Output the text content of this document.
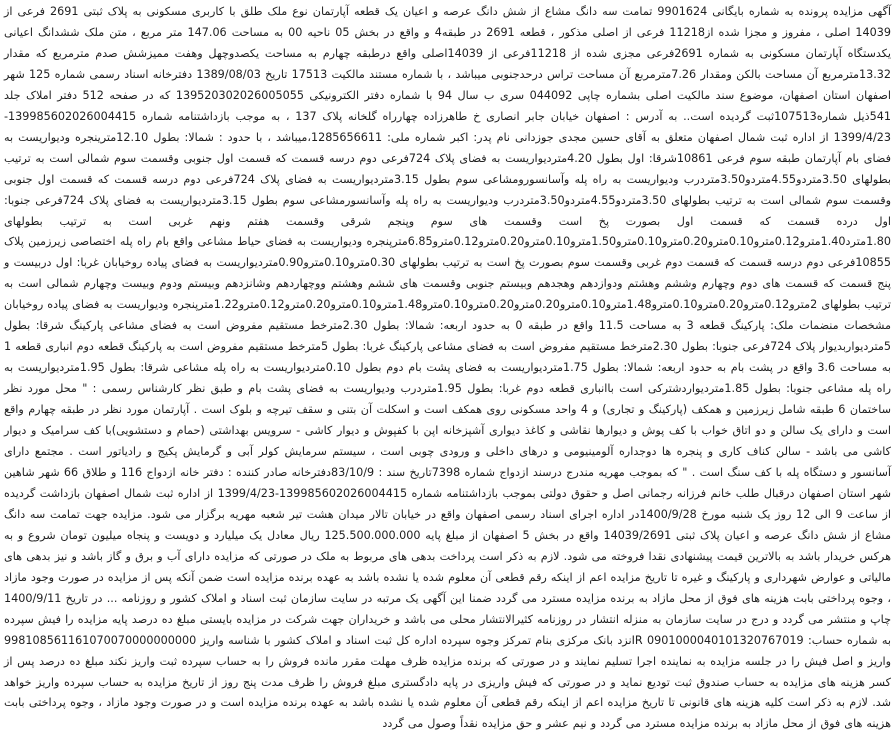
آگهی مزایده پرونده به شماره بایگانی 9901624 تمامت سه دانگ مشاع از شش دانگ عرصه و اعیان یک قطعه آپارتمان نوع ملک طلق با کاربری مسکونی به پلاک ثبتی 2691 فرعی از 14039 اصلی ، مفروز و مجزا شده از11218 فرعی از اصلی مذکور ، قطعه 2691 در طبقه4 و واقع در بخش 05 ناحیه 00 به مساحت 147.06 متر مربع ، متن ملک ششدانگ اعیانی یکدستگاه آپارتمان مسکونی به شماره 2691فرعی مجزی شده از 11218فرعی از 14039اصلی واقع درطبقه چهارم به مساحت یکصدوچهل وهفت ممیزشش صدم مترمربع که مقدار 13.32مترمربع آن مساحت بالکن ومقدار 7.26مترمربع آن مساحت تراس درحدجنوبی میباشد ، با شماره مستند مالکیت 17513 تاریخ 1389/08/03 دفترخانه اسناد رسمی شماره 125 شهر اصفهان استان اصفهان، موضوع سند مالکیت اصلی بشماره چاپی 044092 سری ب سال 94 با شماره دفتر الکترونیکی 139520302026005055 که در صفحه 512 دفتر املاک جلد 541ذیل شماره107513ثبت گردیده است.. به آدرس : اصفهان خیابان جابر انصاری خ طاهرزاده چهارراه گلخانه پلاک 137 ، به موجب بازداشتنامه شماره 139985602026004415-1399/4/23 از اداره ثبت شمال اصفهان متعلق به آقای حسین مجدی جوزدانی نام پدر: اکبر شماره ملی: 1285656611،میباشد ، با حدود : شمالا: بطول 12.10مترینجره ودیواریست به فضای بام آپارتمان طبقه سوم فرعی 10861شرقا: اول بطول 4.20متردیواریست به فضای پلاک 724فرعی دوم درسه قسمت که قسمت اول جنوبی وقسمت سوم شمالی است به ترتیب بطولهای 3.50متردو4.55متردو3.50متردرب ودیواریست به راه پله وآسانسورومشاعی سوم بطول 3.15متردیواریست به فضای پلاک 724فرعی دوم درسه قسمت که قسمت اول جنوبی وقسمت سوم شمالی است به ترتیب بطولهای 3.50متردو4.55متردو3.50متردرب ودیواریست به راه پله وآسانسورمشاعی سوم بطول 3.15متردیواریست به فضای پلاک 724فرعی جنوبا: اول درده قسمت که قسمت اول بصورت پخ است وقسمت های سوم وپنجم شرقی وقسمت هفتم ونهم غربی است به ترتیب بطولهای 1.80مترد1.40مترو0.12مترو0.10مترو0.20مترو0.10مترو1.50مترو0.10مترو0.20مترو0.12مترو6.85مترپنجره ودیواریست به فضای حیاط مشاعی واقع بام راه پله اختصاصی زیرزمین پلاک 10855فرعی دوم درسه قسمت که قسمت دوم غربی وقسمت سوم بصورت پخ است به ترتیب بطولهای 0.30مترو0.10مترو0.90متردیواریست به فضای پیاده روخیابان غربا: اول دربیست و پنج قسمت که قسمت های دوم وچهارم وششم وهشتم ودوازدهم وهجدهم وبیستم جنوبی وقسمت های ششم وهشتم ووچهاردهم وشانزدهم وبیستم ودوم وبیست وچهارم شمالی است به ترتیب بطولهای 2مترو0.12مترو0.20مترو0.10مترو1.48مترو0.10مترو0.20مترو0.20مترو0.10مترو1.48مترو0.10مترو0.20مترو0.12مترو1.22مترپنجره ودیواریست به فضای پیاده روخیابان مشخصات منضمات ملک: پارکینگ قطعه 3 به مساحت 11.5 واقع در طبقه 0 به حدود اربعه: شمالا: بطول 2.30مترخط مستقیم مفروض است به فضای مشاعی پارکینگ شرقا: بطول 5متردیواربدیوار پلاک 724فرعی جنوبا: بطول 2.30مترخط مستقیم مفروض است به فضای مشاعی پارکینگ غربا: بطول 5مترخط مستقیم مفروض است به پارکینگ قطعه دوم انباری قطعه 1 به مساحت 3.6 واقع در پشت بام به حدود اربعه: شمالا: بطول 1.75متردیواریست به فضای پشت بام دوم بطول 0.10متردیواریست به راه پله مشاعی شرقا: بطول 1.95متردیواریست به راه پله مشاعی جنوبا: بطول 1.85متردیواردشترکی است باانباری قطعه دوم غربا: بطول 1.95متردرب ودیواریست به فضای پشت بام و طبق نظر کارشناس رسمی : " محل مورد نظر ساختمان 6 طبقه شامل زیرزمین و همکف (پارکینگ و تجاری) و 4 واحد مسکونی روی همکف است و اسکلت آن بتنی و سقف تیرچه و بلوک است . آپارتمان مورد نظر در طبقه چهارم واقع است و دارای یک سالن و دو اتاق خواب با کف پوش و دیوارها نقاشی و کاغذ دیواری آشپزخانه اپن با کفپوش و دیوار کاشی - سرویس بهداشتی (حمام و دستشویی)با کف سرامیک و دیوار کاشی می باشد - سالن کناف کاری و پنجره ها دوجداره آلومینیومی و درهای داخلی و ورودی چوبی است ، سیستم سرمایش کولر آبی و گرمایش پکیج و رادیاتور است . مجتمع دارای آسانسور و دستگاه پله با کف سنگ است . " که بموجب مهریه مندرج درسند ازدواج شماره 7398تاریخ سند : 83/10/9دفترخانه صادر کننده : دفتر خانه ازدواج 116 و طلاق 66 شهر شاهین شهر استان اصفهان درقبال طلب خانم فرزانه رجمانی اصل و حقوق دولتی بموجب بازداشتنامه شماره 139985602026004415-1399/4/23 از اداره ثبت شمال اصفهان بازداشت گردیده از ساعت 9 الی 12 روز یک شنبه مورخ 1400/9/28در اداره اجرای اسناد رسمی اصفهان واقع در خیابان تالار میدان هشت تیر شعبه مهریه برگزار می شود. مزایده جهت تمامت سه دانگ مشاع از شش دانگ عرصه و اعیان پلاک ثبتی 14039/2691 واقع در بخش 5 اصفهان از مبلغ پایه 125.500.000.000 ریال معادل یک میلیارد و دویست و پنجاه میلیون تومان شروع و به هرکس خریدار باشد به بالاترین قیمت پیشنهادی نقدا فروخته می شود. لازم به ذکر است پرداخت بدهی های مربوط به ملک در صورتی که مزایده دارای آب و برق و گاز باشد و نیز بدهی های مالیاتی و عوارض شهرداری و پارکینگ و غیره تا تاریخ مزایده اعم از اینکه رقم قطعی آن معلوم شده یا نشده باشد به عهده برنده مزایده است ضمن آنکه پس از مزایده در صورت وجود مازاد ، وجوه پرداختی بابت هزینه های فوق از محل مازاد به برنده مزایده مسترد می گردد ضمنا این آگهی یک مرتبه در سایت سازمان ثبت اسناد و املاک کشور و روزنامه ... در تاریخ 1400/9/11 چاپ و منتشر می گردد و درج در سایت سازمان به منزله انتشار در روزنامه کثیرالانتشار محلی می باشد و خریداران جهت شرکت در مزایده بایستی مبلغ ده درصد پایه مزایده را فیش سپرده به شماره حساب: 0901000040101320767019 IRنزد بانک مرکزی بنام تمرکز وجوه سپرده اداره کل ثبت اسناد و املاک کشور با شناسه واریز 998108561161070070000000000 واریز و اصل فیش را در جلسه مزایده به نماینده اجرا تسلیم نمایند و در صورتی که برنده مزایده ظرف مهلت مقرر مانده فروش را به حساب سپرده ثبت واریز نکند مبلغ ده درصد پس از کسر هزینه های مزایده به حساب صندوق ثبت تودیع نماید و در صورتی که فیش واریزی در پایه دادگستری مبلغ فروش را ظرف مدت پنج روز از تاریخ مزایده به حساب سپرده واریز خواهد شد. لازم به ذکر است کلیه هزینه های قانونی تا تاریخ مزایده اعم از اینکه رقم قطعی آن معلوم شده یا نشده باشد به عهده برنده مزایده است و در صورت وجود مازاد ، وجوه پرداختی بابت هزینه های فوق از محل مازاد به برنده مزایده مسترد می گردد و نیم عشر و حق مزایده نقداً وصول می گردد
